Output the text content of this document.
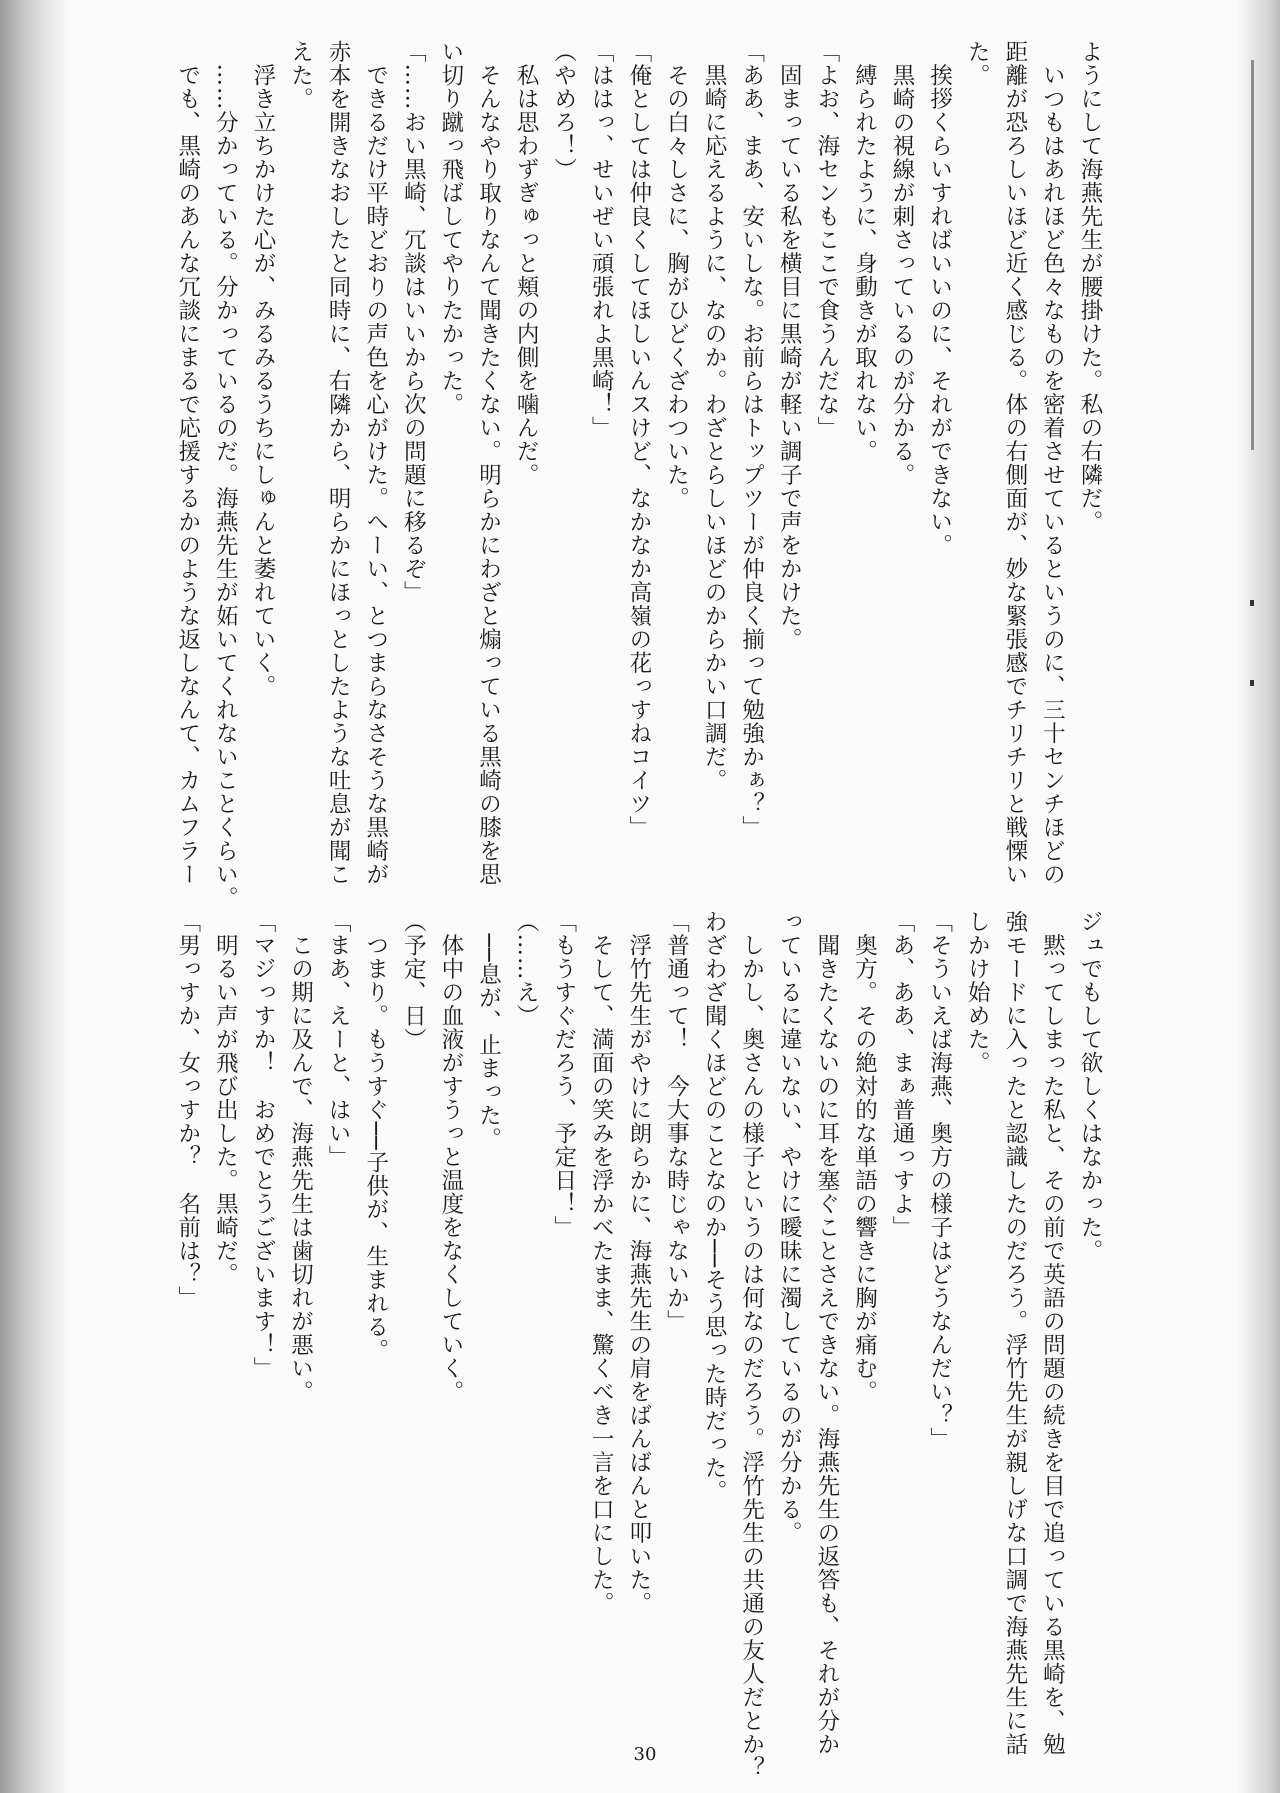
ようにして海燕先生が腰掛けた。私の右隣だ。
　いつもはあれほど色々なものを密着させているというのに、三十センチほどの
距離が恐ろしいほど近く感じる。体の右側面が、妙な緊張感でチリチリと戦慄い
た。
　挨拶くらいすればいいのに、それができない。
　黒崎の視線が刺さっているのが分かる。
　縛られたように、身動きが取れない。
「よお、海センもここで食うんだな」
　固まっている私を横目に黒崎が軽い調子で声をかけた。
「ああ、まあ、安いしな。お前らはトップツーが仲良く揃って勉強かぁ？」
　黒崎に応えるように、なのか。わざとらしいほどのからかい口調だ。
　その白々しさに、胸がひどくざわついた。
「俺としては仲良くしてほしいんスけど、なかなか高嶺の花っすねコイツ」
「ははっ、せいぜい頑張れよ黒崎！」
（やめろ！）
　私は思わずぎゅっと頬の内側を噛んだ。
　そんなやり取りなんて聞きたくない。明らかにわざと煽っている黒崎の膝を思
い切り蹴っ飛ばしてやりたかった。
「……おい黒崎、冗談はいいから次の問題に移るぞ」
　できるだけ平時どおりの声色を心がけた。へーい、とつまらなさそうな黒崎が
赤本を開きなおしたと同時に、右隣から、明らかにほっとしたような吐息が聞こ
えた。
　浮き立ちかけた心が、みるみるうちにしゅんと萎れていく。
　……分かっている。分かっているのだ。海燕先生が妬いてくれないことくらい。
　でも、黒崎のあんな冗談にまるで応援するかのような返しなんて、カムフラー
ジュでもして欲しくはなかった。
　黙ってしまった私と、その前で英語の問題の続きを目で追っている黒崎を、勉
強モードに入ったと認識したのだろう。浮竹先生が親しげな口調で海燕先生に話
しかけ始めた。
「そういえば海燕、奥方の様子はどうなんだい？」
「あ、ああ、まぁ普通っすよ」
　奥方。その絶対的な単語の響きに胸が痛む。
　聞きたくないのに耳を塞ぐことさえできない。海燕先生の返答も、それが分か
っているに違いない、やけに曖昧に濁しているのが分かる。
　しかし、奥さんの様子というのは何なのだろう。浮竹先生の共通の友人だとか？
わざわざ聞くほどのことなのか──そう思った時だった。
「普通って！　今大事な時じゃないか」
　浮竹先生がやけに朗らかに、海燕先生の肩をばんばんと叩いた。
　そして、満面の笑みを浮かべたまま、驚くべき一言を口にした。
「もうすぐだろう、予定日！」
（……え）
　──息が、止まった。
　体中の血液がすうっと温度をなくしていく。
（予定、日）
　つまり。もうすぐ──子供が、生まれる。
「まあ、えーと、はい」
　この期に及んで、海燕先生は歯切れが悪い。
「マジっすか！　おめでとうございます！」
　明るい声が飛び出した。黒崎だ。
「男っすか、女っすか？　名前は？」
30
